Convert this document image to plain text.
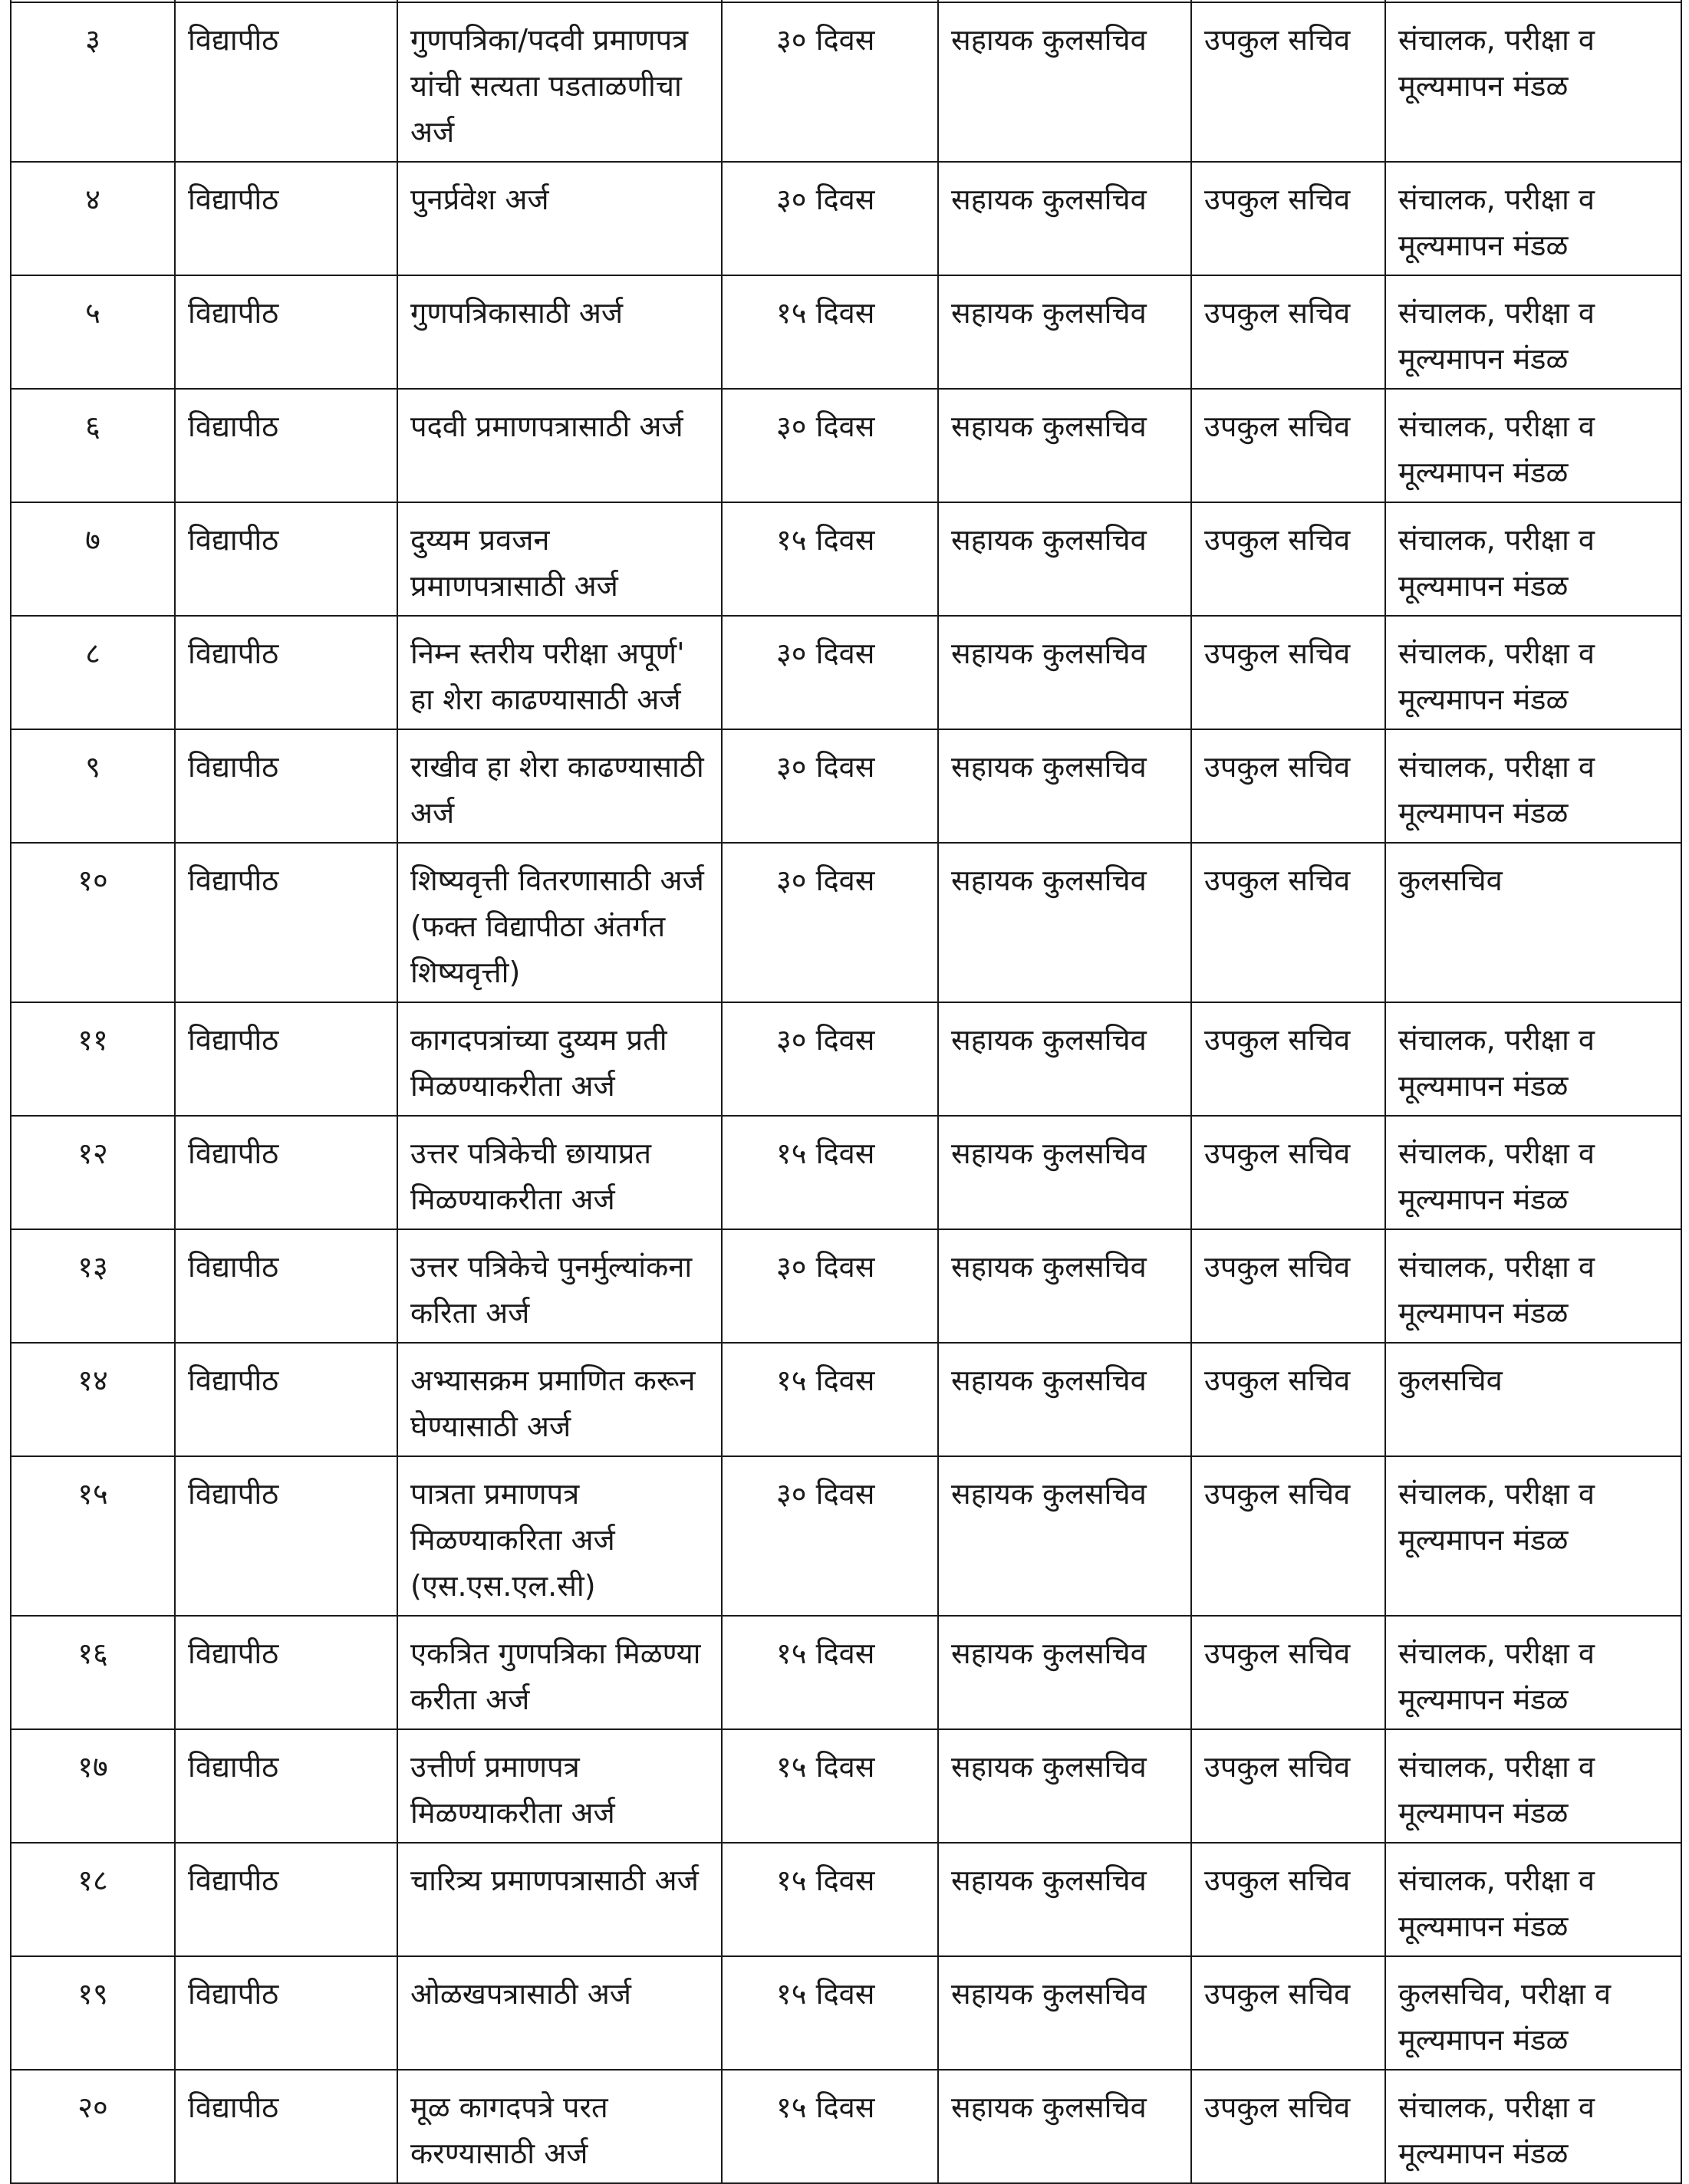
३	विद्यापीठ	गुणपत्रिका/पदवी प्रमाणपत्र यांची सत्यता पडताळणीचा अर्ज	३० दिवस	सहायक कुलसचिव	उपकुल सचिव	संचालक, परीक्षा व मूल्यमापन मंडळ
४	विद्यापीठ	पुनर्प्रवेश अर्ज	३० दिवस	सहायक कुलसचिव	उपकुल सचिव	संचालक, परीक्षा व मूल्यमापन मंडळ
५	विद्यापीठ	गुणपत्रिकासाठी अर्ज	१५ दिवस	सहायक कुलसचिव	उपकुल सचिव	संचालक, परीक्षा व मूल्यमापन मंडळ
६	विद्यापीठ	पदवी प्रमाणपत्रासाठी अर्ज	३० दिवस	सहायक कुलसचिव	उपकुल सचिव	संचालक, परीक्षा व मूल्यमापन मंडळ
७	विद्यापीठ	दुय्यम प्रवजन प्रमाणपत्रासाठी अर्ज	१५ दिवस	सहायक कुलसचिव	उपकुल सचिव	संचालक, परीक्षा व मूल्यमापन मंडळ
८	विद्यापीठ	निम्न स्तरीय परीक्षा अपूर्ण' हा शेरा काढण्यासाठी अर्ज	३० दिवस	सहायक कुलसचिव	उपकुल सचिव	संचालक, परीक्षा व मूल्यमापन मंडळ
९	विद्यापीठ	राखीव हा शेरा काढण्यासाठी अर्ज	३० दिवस	सहायक कुलसचिव	उपकुल सचिव	संचालक, परीक्षा व मूल्यमापन मंडळ
१०	विद्यापीठ	शिष्यवृत्ती वितरणासाठी अर्ज (फक्त विद्यापीठा अंतर्गत शिष्यवृत्ती)	३० दिवस	सहायक कुलसचिव	उपकुल सचिव	कुलसचिव
११	विद्यापीठ	कागदपत्रांच्या दुय्यम प्रती मिळण्याकरीता अर्ज	३० दिवस	सहायक कुलसचिव	उपकुल सचिव	संचालक, परीक्षा व मूल्यमापन मंडळ
१२	विद्यापीठ	उत्तर पत्रिकेची छायाप्रत मिळण्याकरीता अर्ज	१५ दिवस	सहायक कुलसचिव	उपकुल सचिव	संचालक, परीक्षा व मूल्यमापन मंडळ
१३	विद्यापीठ	उत्तर पत्रिकेचे पुनर्मुल्यांकना करिता अर्ज	३० दिवस	सहायक कुलसचिव	उपकुल सचिव	संचालक, परीक्षा व मूल्यमापन मंडळ
१४	विद्यापीठ	अभ्यासक्रम प्रमाणित करून घेण्यासाठी अर्ज	१५ दिवस	सहायक कुलसचिव	उपकुल सचिव	कुलसचिव
१५	विद्यापीठ	पात्रता प्रमाणपत्र मिळण्याकरिता अर्ज (एस.एस.एल.सी)	३० दिवस	सहायक कुलसचिव	उपकुल सचिव	संचालक, परीक्षा व मूल्यमापन मंडळ
१६	विद्यापीठ	एकत्रित गुणपत्रिका मिळण्या करीता अर्ज	१५ दिवस	सहायक कुलसचिव	उपकुल सचिव	संचालक, परीक्षा व मूल्यमापन मंडळ
१७	विद्यापीठ	उत्तीर्ण प्रमाणपत्र मिळण्याकरीता अर्ज	१५ दिवस	सहायक कुलसचिव	उपकुल सचिव	संचालक, परीक्षा व मूल्यमापन मंडळ
१८	विद्यापीठ	चारित्र्य प्रमाणपत्रासाठी अर्ज	१५ दिवस	सहायक कुलसचिव	उपकुल सचिव	संचालक, परीक्षा व मूल्यमापन मंडळ
१९	विद्यापीठ	ओळखपत्रासाठी अर्ज	१५ दिवस	सहायक कुलसचिव	उपकुल सचिव	कुलसचिव, परीक्षा व मूल्यमापन मंडळ
२०	विद्यापीठ	मूळ कागदपत्रे परत करण्यासाठी अर्ज	१५ दिवस	सहायक कुलसचिव	उपकुल सचिव	संचालक, परीक्षा व मूल्यमापन मंडळ
